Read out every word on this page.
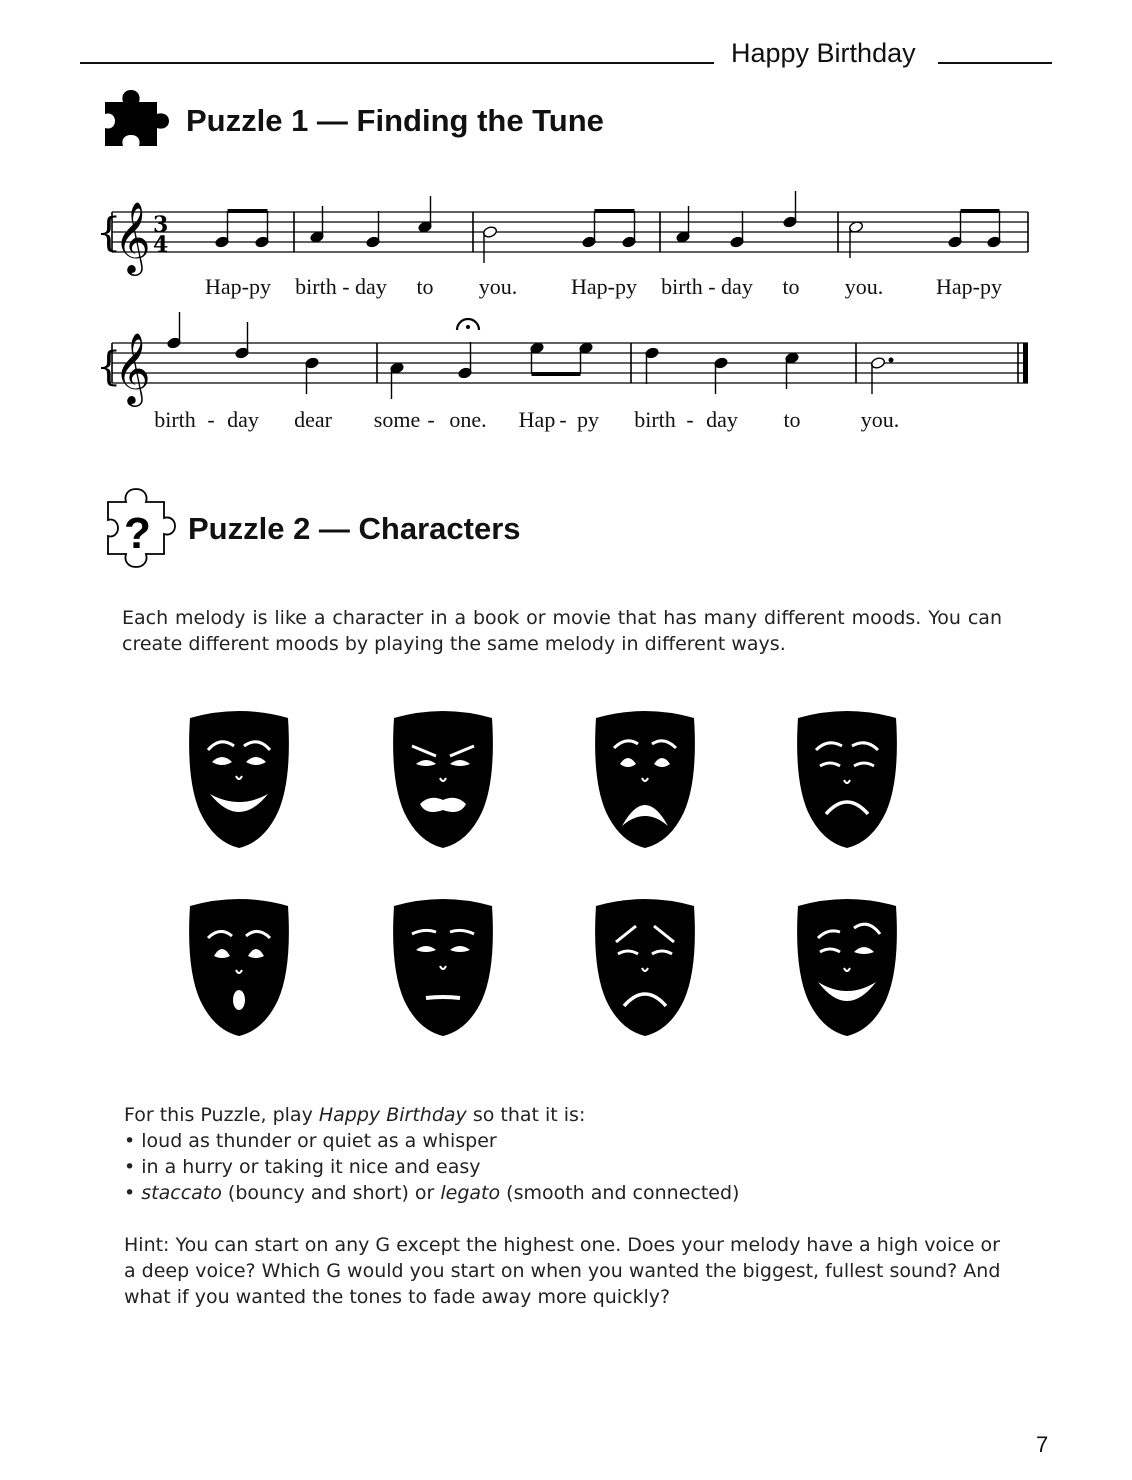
Happy Birthday
Puzzle 1 — Finding the Tune
{
𝄞 3
4
Hap-py birth - day to you. Hap-py birth - day to you. Hap-py
{
𝄞
birth - day dear some - one. Hap - py birth - day to	you.
? Puzzle 2 — Characters
Each melody is like a character in a book or movie that has many different moods. You can create different moods by playing the same melody in different ways.

For this Puzzle, play Happy Birthday so that it is:

• loud as thunder or quiet as a whisper

• in a hurry or taking it nice and easy

• staccato (bouncy and short) or legato (smooth and connected)

Hint: You can start on any G except the highest one. Does your melody have a high voice or a deep voice? Which G would you start on when you wanted the biggest, fullest sound? And what if you wanted the tones to fade away more quickly?
7
